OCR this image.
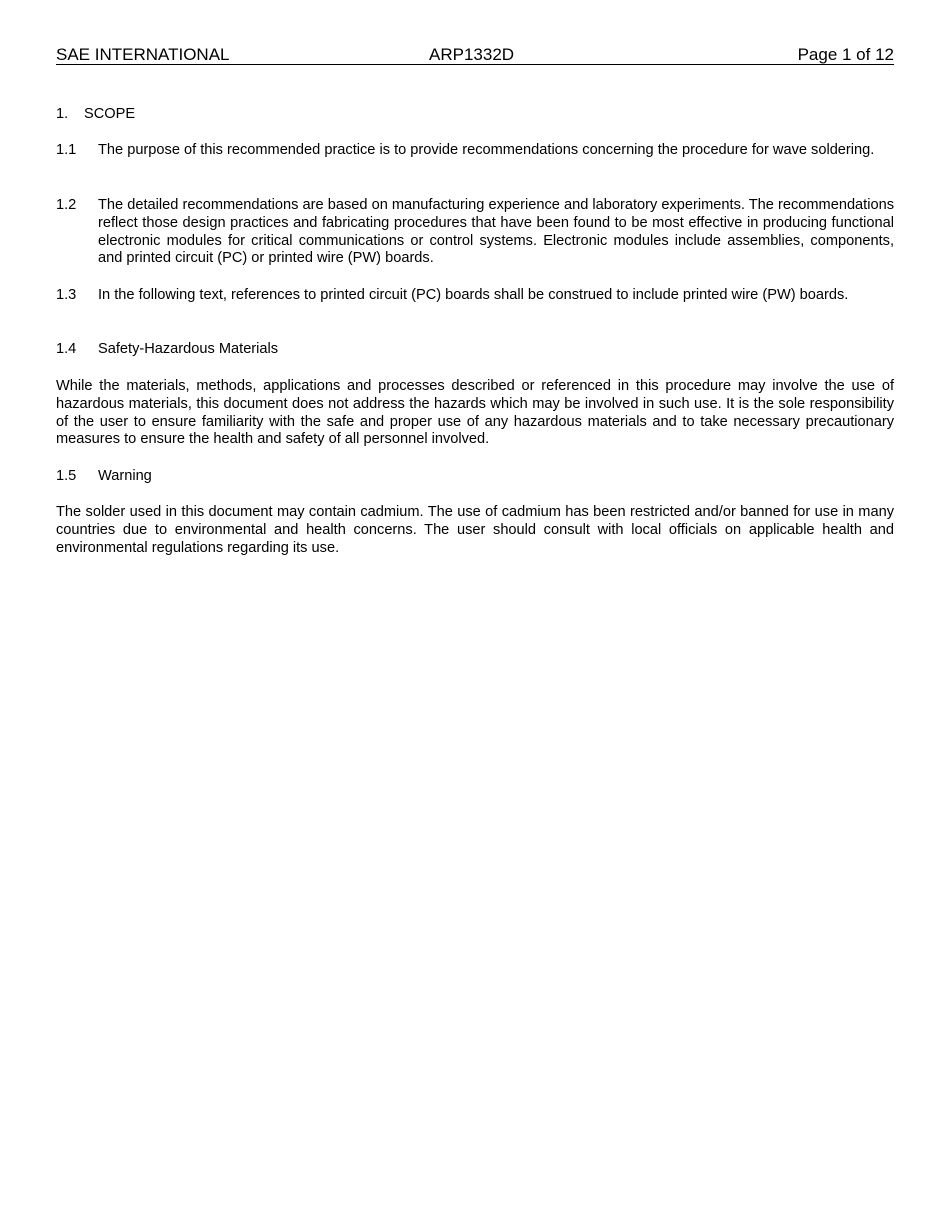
SAE INTERNATIONAL	ARP1332D	Page 1 of 12
1. SCOPE
1.1	The purpose of this recommended practice is to provide recommendations concerning the procedure for wave soldering.
1.2	The detailed recommendations are based on manufacturing experience and laboratory experiments. The recommendations reflect those design practices and fabricating procedures that have been found to be most effective in producing functional electronic modules for critical communications or control systems. Electronic modules include assemblies, components, and printed circuit (PC) or printed wire (PW) boards.
1.3	In the following text, references to printed circuit (PC) boards shall be construed to include printed wire (PW) boards.
1.4	Safety-Hazardous Materials
While the materials, methods, applications and processes described or referenced in this procedure may involve the use of hazardous materials, this document does not address the hazards which may be involved in such use. It is the sole responsibility of the user to ensure familiarity with the safe and proper use of any hazardous materials and to take necessary precautionary measures to ensure the health and safety of all personnel involved.
1.5	Warning
The solder used in this document may contain cadmium. The use of cadmium has been restricted and/or banned for use in many countries due to environmental and health concerns. The user should consult with local officials on applicable health and environmental regulations regarding its use.
